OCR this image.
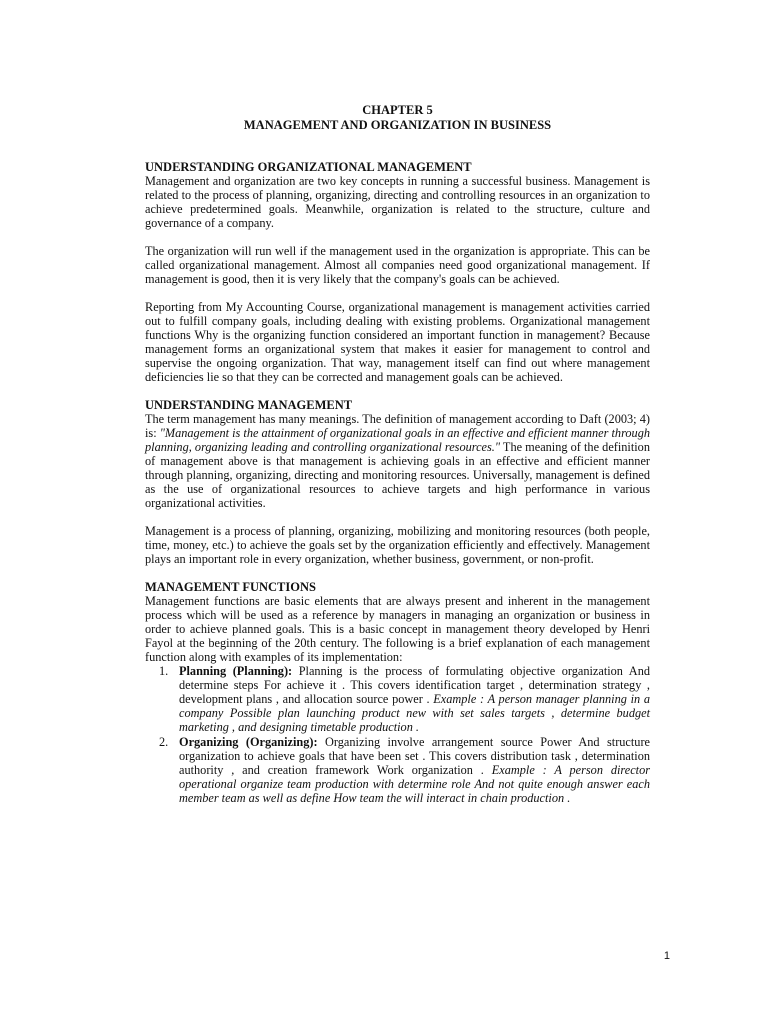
CHAPTER 5
MANAGEMENT AND ORGANIZATION IN BUSINESS
UNDERSTANDING ORGANIZATIONAL MANAGEMENT

Management and organization are two key concepts in running a successful business. Management is related to the process of planning, organizing, directing and controlling resources in an organization to achieve predetermined goals. Meanwhile, organization is related to the structure, culture and governance of a company.

The organization will run well if the management used in the organization is appropriate. This can be called organizational management. Almost all companies need good organizational management. If management is good, then it is very likely that the company's goals can be achieved.

Reporting from My Accounting Course, organizational management is management activities carried out to fulfill company goals, including dealing with existing problems. Organizational management functions Why is the organizing function considered an important function in management? Because management forms an organizational system that makes it easier for management to control and supervise the ongoing organization. That way, management itself can find out where management deficiencies lie so that they can be corrected and management goals can be achieved.

UNDERSTANDING MANAGEMENT

The term management has many meanings. The definition of management according to Daft (2003; 4) is: "Management is the attainment of organizational goals in an effective and efficient manner through planning, organizing leading and controlling organizational resources." The meaning of the definition of management above is that management is achieving goals in an effective and efficient manner through planning, organizing, directing and monitoring resources. Universally, management is defined as the use of organizational resources to achieve targets and high performance in various organizational activities.

Management is a process of planning, organizing, mobilizing and monitoring resources (both people, time, money, etc.) to achieve the goals set by the organization efficiently and effectively. Management plays an important role in every organization, whether business, government, or non-profit.

MANAGEMENT FUNCTIONS

Management functions are basic elements that are always present and inherent in the management process which will be used as a reference by managers in managing an organization or business in order to achieve planned goals. This is a basic concept in management theory developed by Henri Fayol at the beginning of the 20th century. The following is a brief explanation of each management function along with examples of its implementation:

1. Planning (Planning): Planning is the process of formulating objective organization And determine steps For achieve it . This covers identification target , determination strategy , development plans , and allocation source power . Example : A person manager planning in a company Possible plan launching product new with set sales targets , determine budget marketing , and designing timetable production .
2. Organizing (Organizing): Organizing involve arrangement source Power And structure organization to achieve goals that have been set . This covers distribution task , determination authority , and creation framework Work organization . Example : A person director operational organize team production with determine role And not quite enough answer each member team as well as define How team the will interact in chain production .
1
